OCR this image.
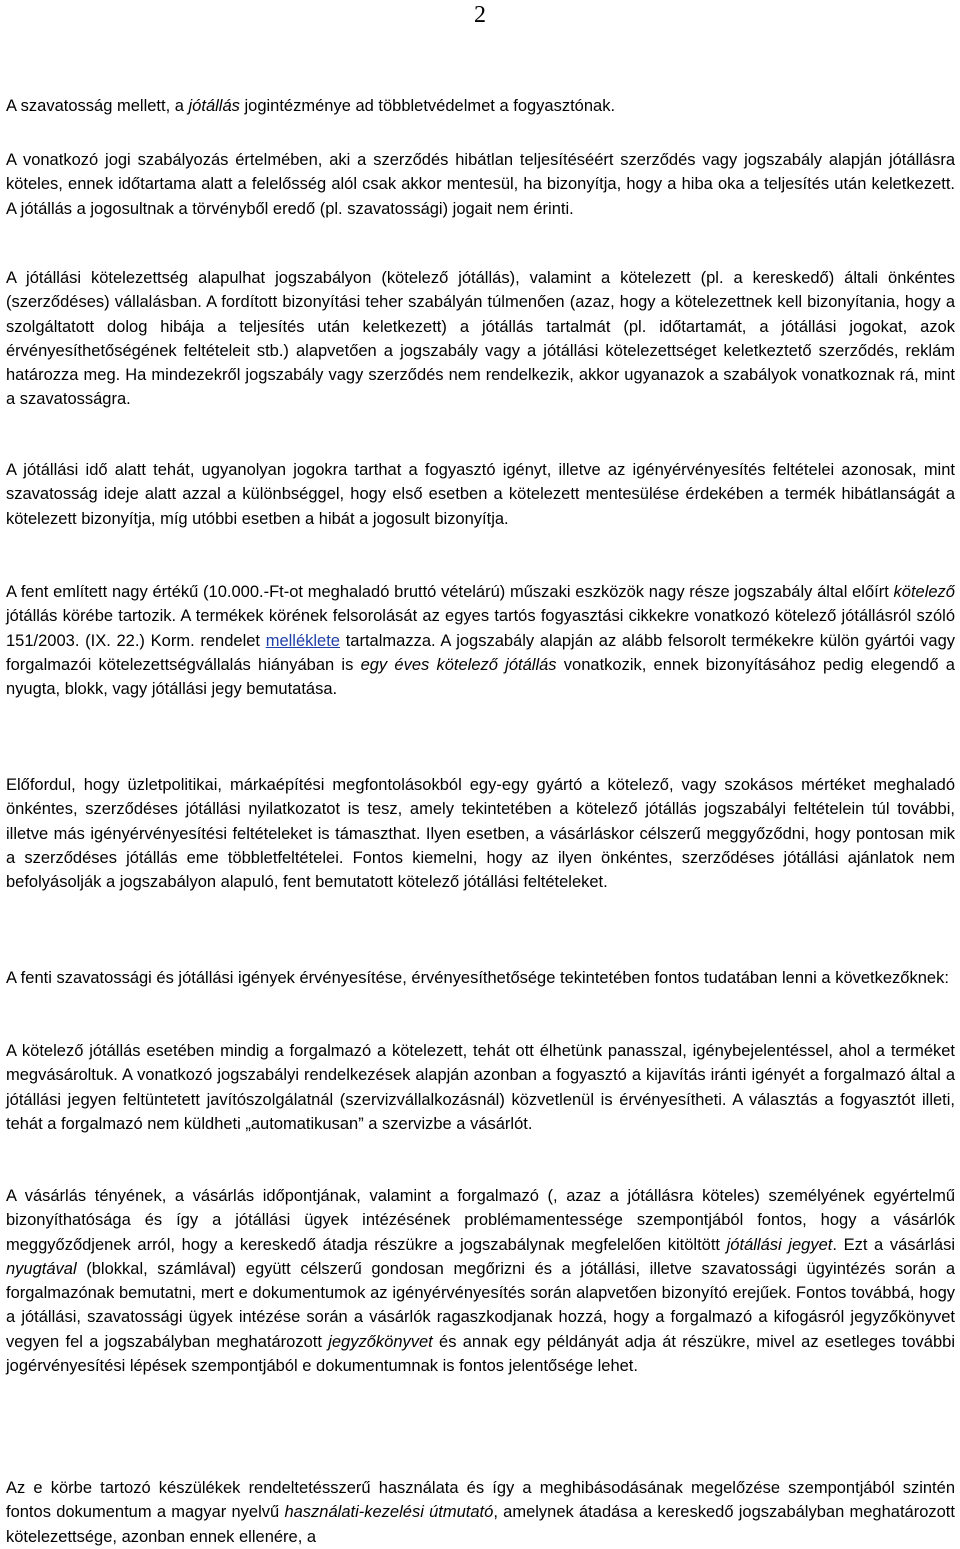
2

A szavatosság mellett, a jótállás jogintézménye ad többletvédelmet a fogyasztónak.

A vonatkozó jogi szabályozás értelmében, aki a szerződés hibátlan teljesítéséért szerződés vagy jogszabály alapján jótállásra köteles, ennek időtartama alatt a felelősség alól csak akkor mentesül, ha bizonyítja, hogy a hiba oka a teljesítés után keletkezett. A jótállás a jogosultnak a törvényből eredő (pl. szavatossági) jogait nem érinti.

A jótállási kötelezettség alapulhat jogszabályon (kötelező jótállás), valamint a kötelezett (pl. a kereskedő) általi önkéntes (szerződéses) vállalásban. A fordított bizonyítási teher szabályán túlmenően (azaz, hogy a kötelezettnek kell bizonyítania, hogy a szolgáltatott dolog hibája a teljesítés után keletkezett) a jótállás tartalmát (pl. időtartamát, a jótállási jogokat, azok érvényesíthetőségének feltételeit stb.) alapvetően a jogszabály vagy a jótállási kötelezettséget keletkeztető szerződés, reklám határozza meg. Ha mindezekről jogszabály vagy szerződés nem rendelkezik, akkor ugyanazok a szabályok vonatkoznak rá, mint a szavatosságra.

A jótállási idő alatt tehát, ugyanolyan jogokra tarthat a fogyasztó igényt, illetve az igényérvényesítés feltételei azonosak, mint szavatosság ideje alatt azzal a különbséggel, hogy első esetben a kötelezett mentesülése érdekében a termék hibátlanságát a kötelezett bizonyítja, míg utóbbi esetben a hibát a jogosult bizonyítja.

A fent említett nagy értékű (10.000.-Ft-ot meghaladó bruttó vételárú) műszaki eszközök nagy része jogszabály által előírt kötelező jótállás körébe tartozik. A termékek körének felsorolását az egyes tartós fogyasztási cikkekre vonatkozó kötelező jótállásról szóló 151/2003. (IX. 22.) Korm. rendelet melléklete tartalmazza. A jogszabály alapján az alább felsorolt termékekre külön gyártói vagy forgalmazói kötelezettségvállalás hiányában is egy éves kötelező jótállás vonatkozik, ennek bizonyításához pedig elegendő a nyugta, blokk, vagy jótállási jegy bemutatása.

Előfordul, hogy üzletpolitikai, márkaépítési megfontolásokból egy-egy gyártó a kötelező, vagy szokásos mértéket meghaladó önkéntes, szerződéses jótállási nyilatkozatot is tesz, amely tekintetében a kötelező jótállás jogszabályi feltételein túl további, illetve más igényérvényesítési feltételeket is támaszthat. Ilyen esetben, a vásárláskor célszerű meggyőződni, hogy pontosan mik a szerződéses jótállás eme többletfeltételei. Fontos kiemelni, hogy az ilyen önkéntes, szerződéses jótállási ajánlatok nem befolyásolják a jogszabályon alapuló, fent bemutatott kötelező jótállási feltételeket.

A fenti szavatossági és jótállási igények érvényesítése, érvényesíthetősége tekintetében fontos tudatában lenni a következőknek:

A kötelező jótállás esetében mindig a forgalmazó a kötelezett, tehát ott élhetünk panasszal, igénybejelentéssel, ahol a terméket megvásároltuk. A vonatkozó jogszabályi rendelkezések alapján azonban a fogyasztó a kijavítás iránti igényét a forgalmazó által a jótállási jegyen feltüntetett javítószolgálatnál (szervizvállalkozásnál) közvetlenül is érvényesítheti. A választás a fogyasztót illeti, tehát a forgalmazó nem küldheti „automatikusan” a szervizbe a vásárlót.

A vásárlás tényének, a vásárlás időpontjának, valamint a forgalmazó (, azaz a jótállásra köteles) személyének egyértelmű bizonyíthatósága és így a jótállási ügyek intézésének problémamentessége szempontjából fontos, hogy a vásárlók meggyőződjenek arról, hogy a kereskedő átadja részükre a jogszabálynak megfelelően kitöltött jótállási jegyet. Ezt a vásárlási nyugtával (blokkal, számlával) együtt célszerű gondosan megőrizni és a jótállási, illetve szavatossági ügyintézés során a forgalmazónak bemutatni, mert e dokumentumok az igényérvényesítés során alapvetően bizonyító erejűek. Fontos továbbá, hogy a jótállási, szavatossági ügyek intézése során a vásárlók ragaszkodjanak hozzá, hogy a forgalmazó a kifogásról jegyzőkönyvet vegyen fel a jogszabályban meghatározott jegyzőkönyvet és annak egy példányát adja át részükre, mivel az esetleges további jogérvényesítési lépések szempontjából e dokumentumnak is fontos jelentősége lehet.

Az e körbe tartozó készülékek rendeltetésszerű használata és így a meghibásodásának megelőzése szempontjából szintén fontos dokumentum a magyar nyelvű használati-kezelési útmutató, amelynek átadása a kereskedő jogszabályban meghatározott kötelezettsége, azonban ennek ellenére, a
